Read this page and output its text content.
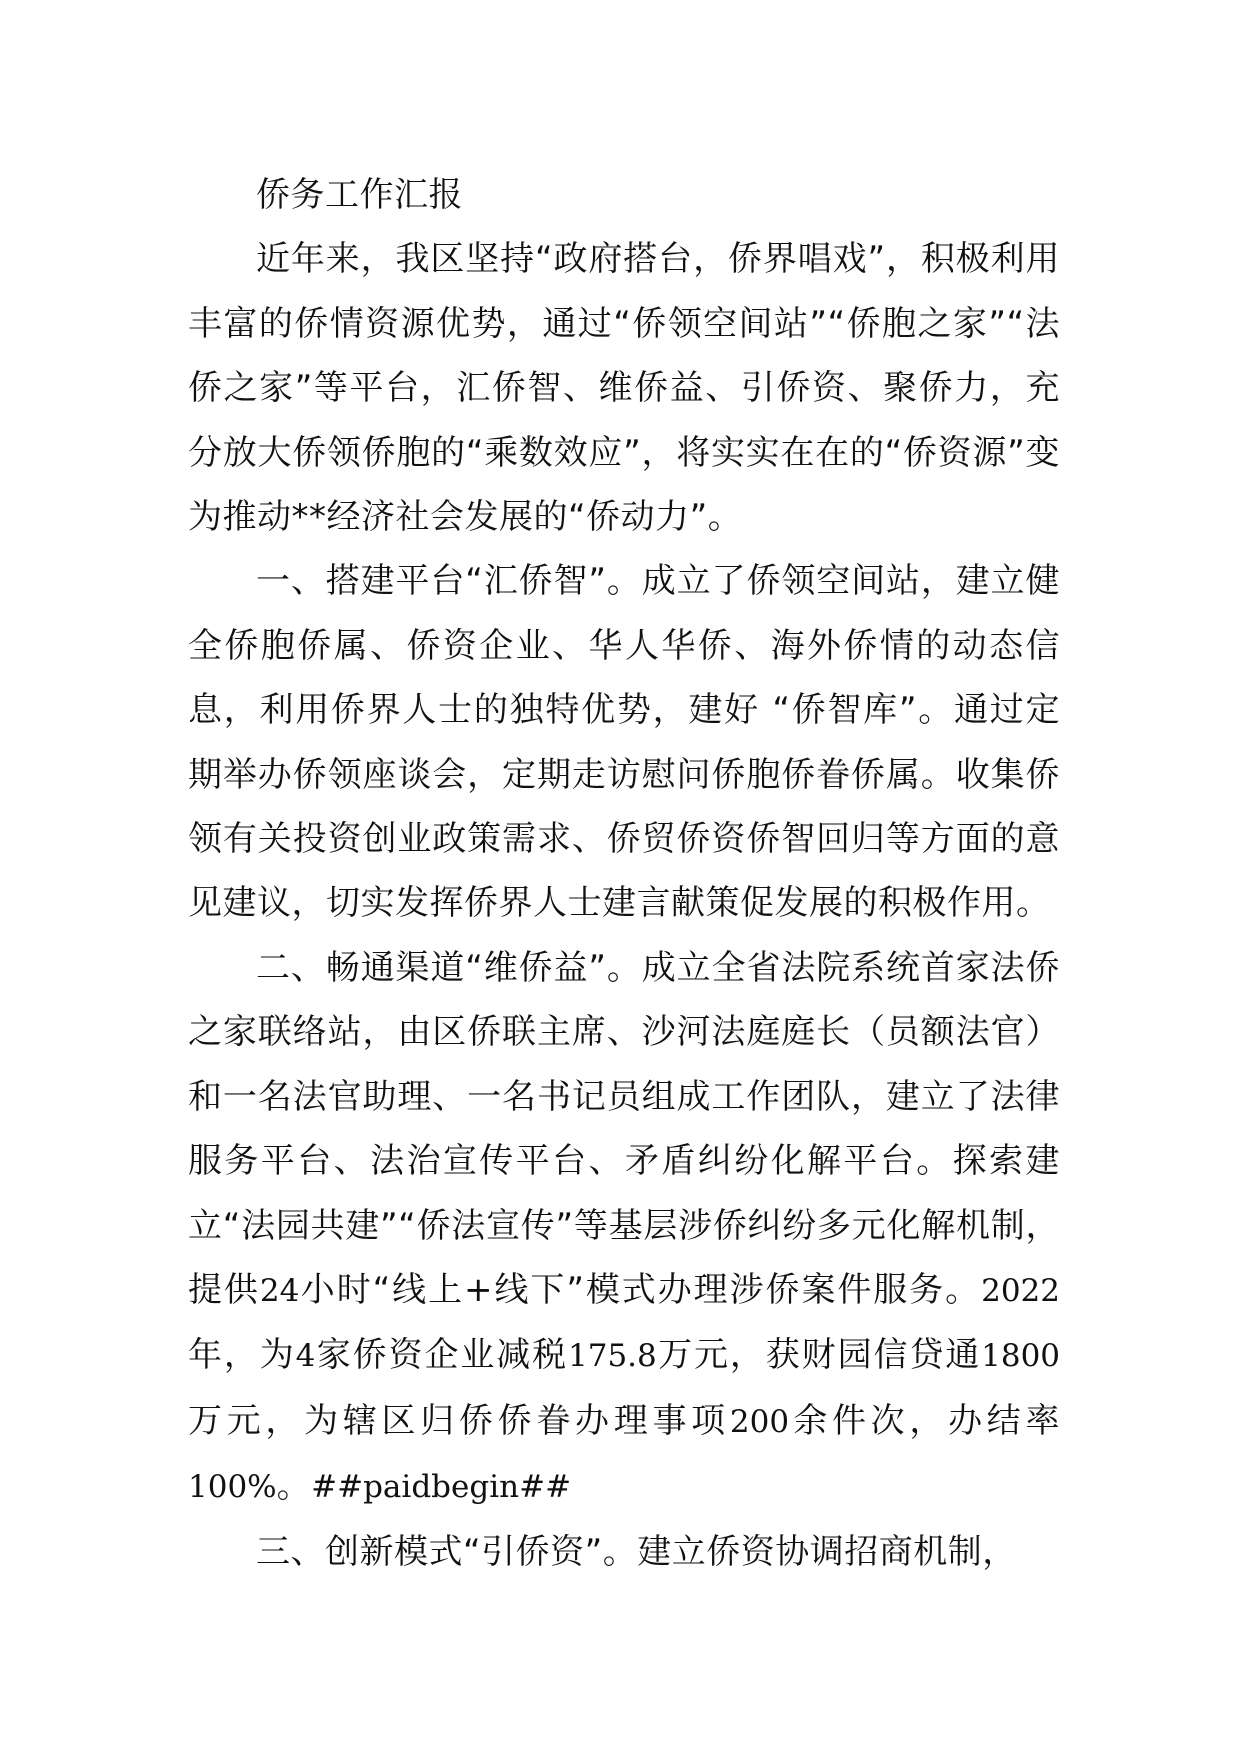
侨务工作汇报

近年来，我区坚持“政府搭台，侨界唱戏”，积极利用丰富的侨情资源优势，通过“侨领空间站”“侨胞之家”“法侨之家”等平台，汇侨智、维侨益、引侨资、聚侨力，充分放大侨领侨胞的“乘数效应”，将实实在在的“侨资源”变为推动**经济社会发展的“侨动力”。

一、搭建平台“汇侨智”。成立了侨领空间站，建立健全侨胞侨属、侨资企业、华人华侨、海外侨情的动态信息，利用侨界人士的独特优势，建好 “侨智库”。通过定期举办侨领座谈会，定期走访慰问侨胞侨眷侨属。收集侨领有关投资创业政策需求、侨贸侨资侨智回归等方面的意见建议，切实发挥侨界人士建言献策促发展的积极作用。

二、畅通渠道“维侨益”。成立全省法院系统首家法侨之家联络站，由区侨联主席、沙河法庭庭长（员额法官）和一名法官助理、一名书记员组成工作团队，建立了法律服务平台、法治宣传平台、矛盾纠纷化解平台。探索建立“法园共建”“侨法宣传”等基层涉侨纠纷多元化解机制，提供24小时“线上+线下”模式办理涉侨案件服务。2022年，为4家侨资企业减税175.8万元，获财园信贷通1800万元，为辖区归侨侨眷办理事项200余件次，办结率100%。##paidbegin##

三、创新模式“引侨资”。建立侨资协调招商机制，
